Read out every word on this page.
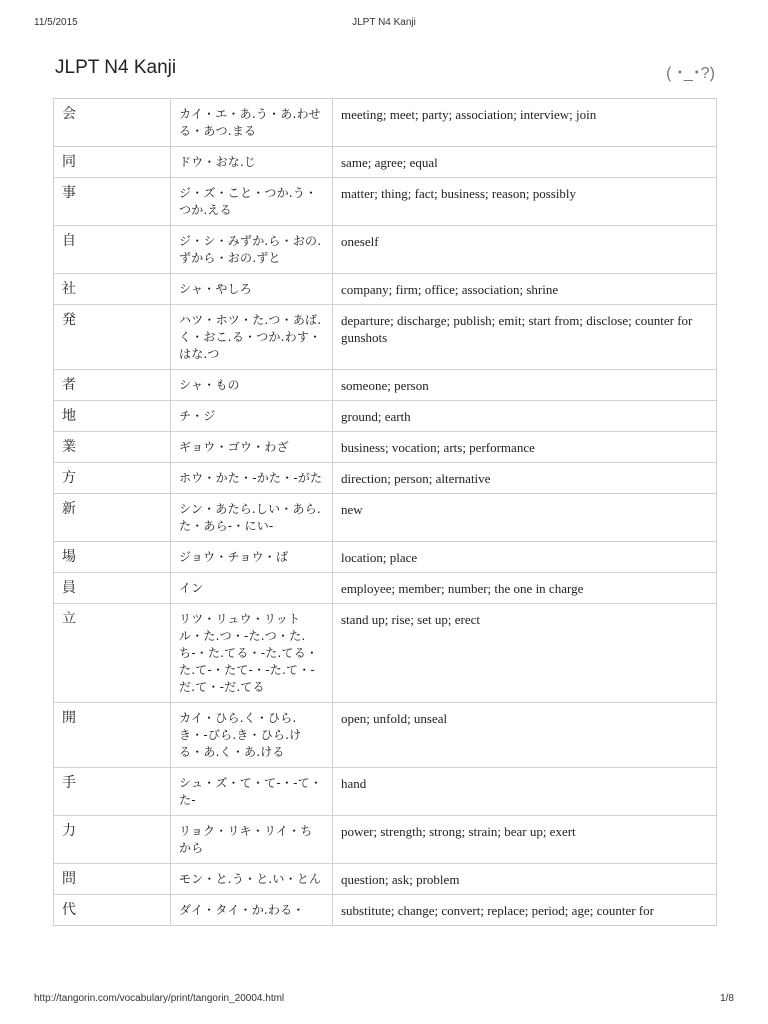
11/5/2015	JLPT N4 Kanji
JLPT N4 Kanji	( ･_･?)
会	カイ・エ・あ.う・あ.わせる・あつ.まる	meeting; meet; party; association; interview; join
同	ドウ・おな.じ	same; agree; equal
事	ジ・ズ・こと・つか.う・つか.える	matter; thing; fact; business; reason; possibly
自	ジ・シ・みずか.ら・おの.ずから・おの.ずと	oneself
社	シャ・やしろ	company; firm; office; association; shrine
発	ハツ・ホツ・た.つ・あば.く・おこ.る・つか.わす・はな.つ	departure; discharge; publish; emit; start from; disclose; counter for gunshots
者	シャ・もの	someone; person
地	チ・ジ	ground; earth
業	ギョウ・ゴウ・わざ	business; vocation; arts; performance
方	ホウ・かた・-かた・-がた	direction; person; alternative
新	シン・あたら.しい・あら.た・あら-・にい-	new
場	ジョウ・チョウ・ば	location; place
員	イン	employee; member; number; the one in charge
立	リツ・リュウ・リットル・た.つ・-た.つ・た.ち-・た.てる・-た.てる・た.て-・たて-・-た.て・-だ.て・-だ.てる	stand up; rise; set up; erect
開	カイ・ひら.く・ひら.き・-びら.き・ひら.ける・あ.く・あ.ける	open; unfold; unseal
手	シュ・ズ・て・て-・-て・た-	hand
力	リョク・リキ・リイ・ちから	power; strength; strong; strain; bear up; exert
問	モン・と.う・と.い・とん	question; ask; problem
代	ダイ・タイ・か.わる・	substitute; change; convert; replace; period; age; counter for
http://tangorin.com/vocabulary/print/tangorin_20004.html	1/8
